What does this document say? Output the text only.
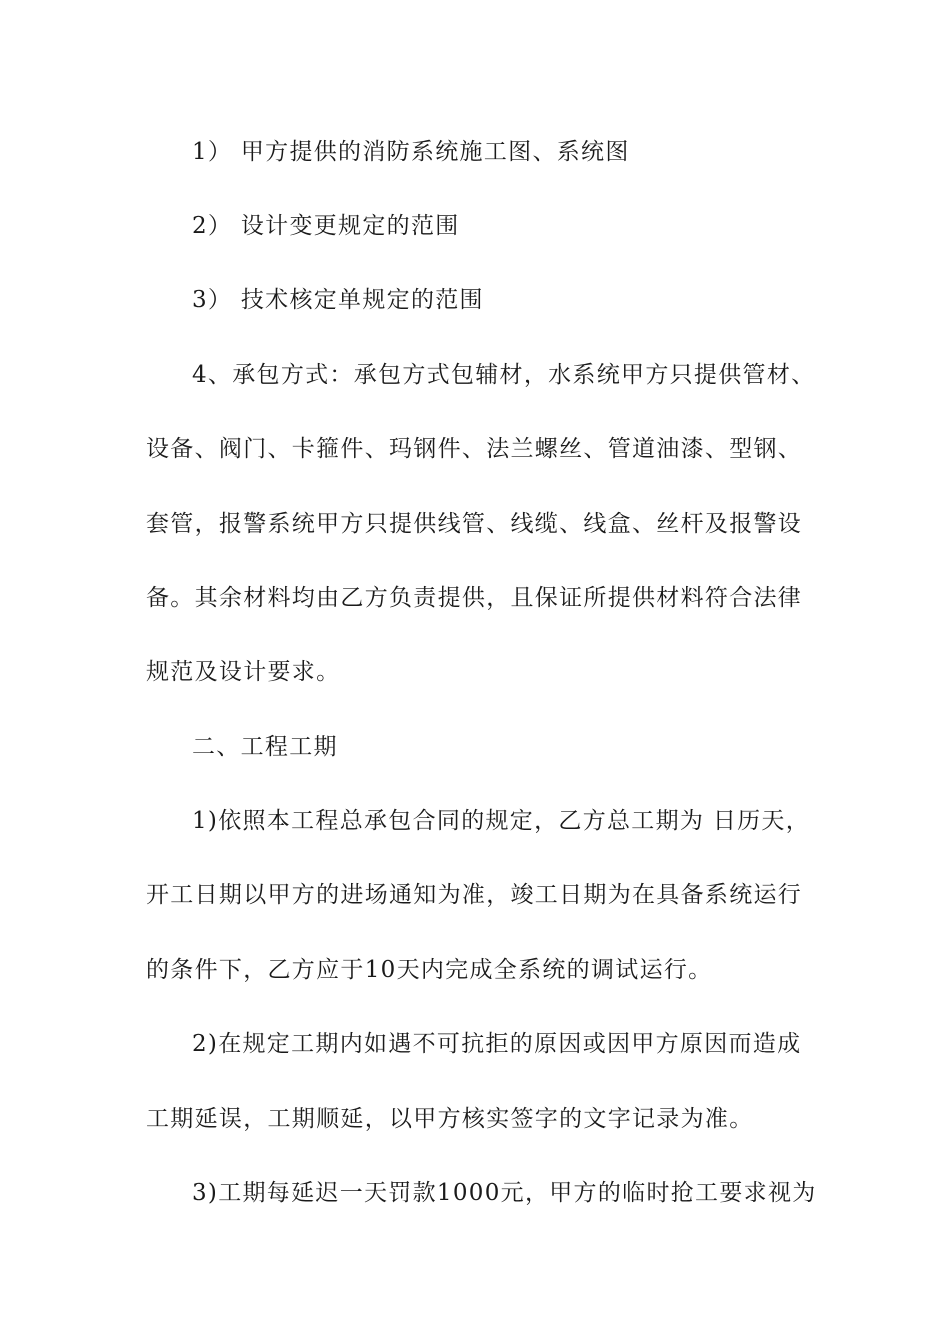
1） 甲方提供的消防系统施工图、系统图
2） 设计变更规定的范围
3） 技术核定单规定的范围
4、承包方式：承包方式包辅材，水系统甲方只提供管材、
设备、阀门、卡箍件、玛钢件、法兰螺丝、管道油漆、型钢、
套管，报警系统甲方只提供线管、线缆、线盒、丝杆及报警设
备。其余材料均由乙方负责提供，且保证所提供材料符合法律
规范及设计要求。
二、工程工期
1)依照本工程总承包合同的规定，乙方总工期为 日历天，
开工日期以甲方的进场通知为准，竣工日期为在具备系统运行
的条件下，乙方应于10天内完成全系统的调试运行。
2)在规定工期内如遇不可抗拒的原因或因甲方原因而造成
工期延误，工期顺延，以甲方核实签字的文字记录为准。
3)工期每延迟一天罚款1000元，甲方的临时抢工要求视为
